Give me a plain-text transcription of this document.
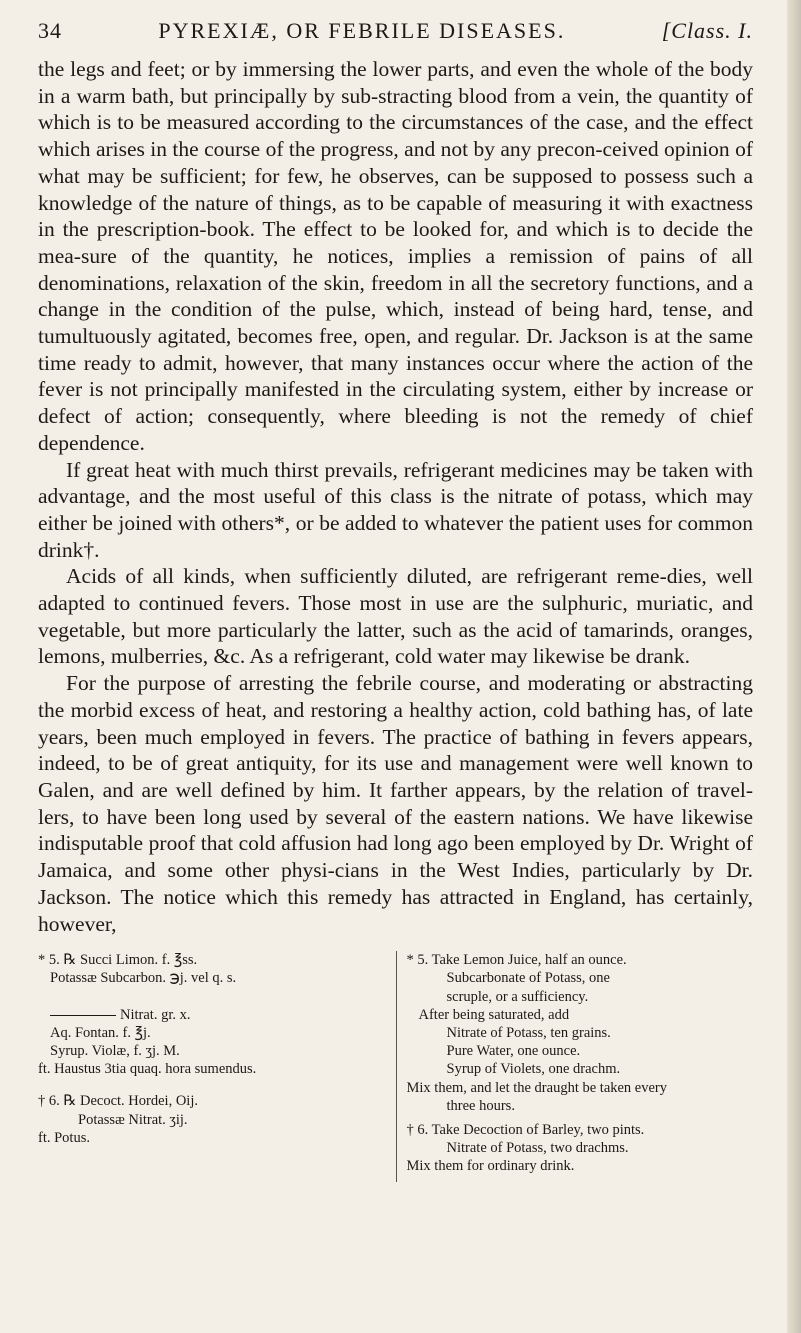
34	PYREXIÆ, OR FEBRILE DISEASES.	[Class. I.

the legs and feet; or by immersing the lower parts, and even the whole of the body in a warm bath, but principally by sub-stracting blood from a vein, the quantity of which is to be measured according to the circumstances of the case, and the effect which arises in the course of the progress, and not by any precon-ceived opinion of what may be sufficient; for few, he observes, can be supposed to possess such a knowledge of the nature of things, as to be capable of measuring it with exactness in the prescription-book. The effect to be looked for, and which is to decide the mea-sure of the quantity, he notices, implies a remission of pains of all denominations, relaxation of the skin, freedom in all the secretory functions, and a change in the condition of the pulse, which, instead of being hard, tense, and tumultuously agitated, becomes free, open, and regular. Dr. Jackson is at the same time ready to admit, however, that many instances occur where the action of the fever is not principally manifested in the circulating system, either by increase or defect of action; consequently, where bleeding is not the remedy of chief dependence.

If great heat with much thirst prevails, refrigerant medicines may be taken with advantage, and the most useful of this class is the nitrate of potass, which may either be joined with others*, or be added to whatever the patient uses for common drink†.

Acids of all kinds, when sufficiently diluted, are refrigerant reme-dies, well adapted to continued fevers. Those most in use are the sulphuric, muriatic, and vegetable, but more particularly the latter, such as the acid of tamarinds, oranges, lemons, mulberries, &c. As a refrigerant, cold water may likewise be drank.

For the purpose of arresting the febrile course, and moderating or abstracting the morbid excess of heat, and restoring a healthy action, cold bathing has, of late years, been much employed in fevers. The practice of bathing in fevers appears, indeed, to be of great antiquity, for its use and management were well known to Galen, and are well defined by him. It farther appears, by the relation of travel-lers, to have been long used by several of the eastern nations. We have likewise indisputable proof that cold affusion had long ago been employed by Dr. Wright of Jamaica, and some other physi-cians in the West Indies, particularly by Dr. Jackson. The notice which this remedy has attracted in England, has certainly, however,

* 5. ℞ Succi Limon. f. ℥ss.
Potassæ Subcarbon. ℈j. vel q. s.
Nitrat. gr. x.
Aq. Fontan. f. ℥j.
Syrup. Violæ, f. ʒj. M.
ft. Haustus 3tia quaq. hora sumendus.
† 6. ℞ Decoct. Hordei, Oij.
Potassæ Nitrat. ʒij.
ft. Potus.
* 5. Take Lemon Juice, half an ounce.
Subcarbonate of Potass, one
scruple, or a sufficiency.
After being saturated, add
Nitrate of Potass, ten grains.
Pure Water, one ounce.
Syrup of Violets, one drachm.
Mix them, and let the draught be taken every
three hours.
† 6. Take Decoction of Barley, two pints.
Nitrate of Potass, two drachms.
Mix them for ordinary drink.
